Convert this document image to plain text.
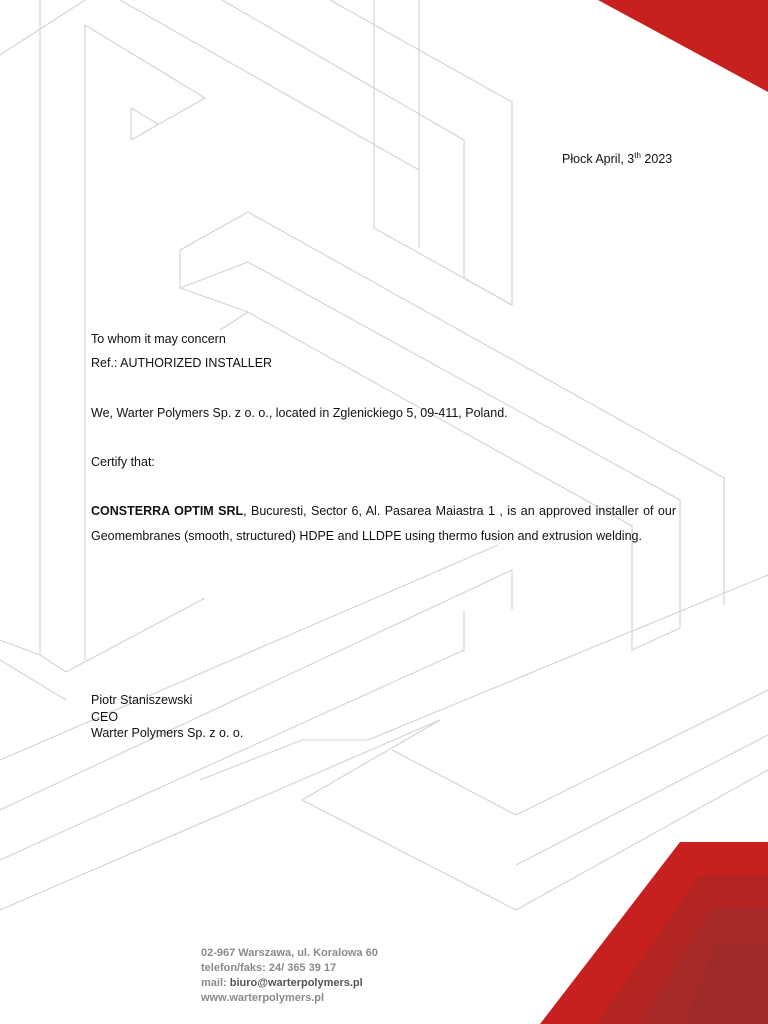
Płock April, 3th 2023
To whom it may concern
Ref.: AUTHORIZED INSTALLER
We, Warter Polymers Sp. z o. o., located in Zglenickiego 5, 09-411, Poland.
Certify that:
CONSTERRA OPTIM SRL, Bucuresti, Sector 6, Al. Pasarea Maiastra 1 , is an approved installer of our Geomembranes (smooth, structured) HDPE and LLDPE using thermo fusion and extrusion welding.
Piotr Staniszewski
CEO
Warter Polymers Sp. z o. o.
02-967 Warszawa, ul. Koralowa 60
telefon/faks: 24/ 365 39 17
mail: biuro@warterpolymers.pl
www.warterpolymers.pl
